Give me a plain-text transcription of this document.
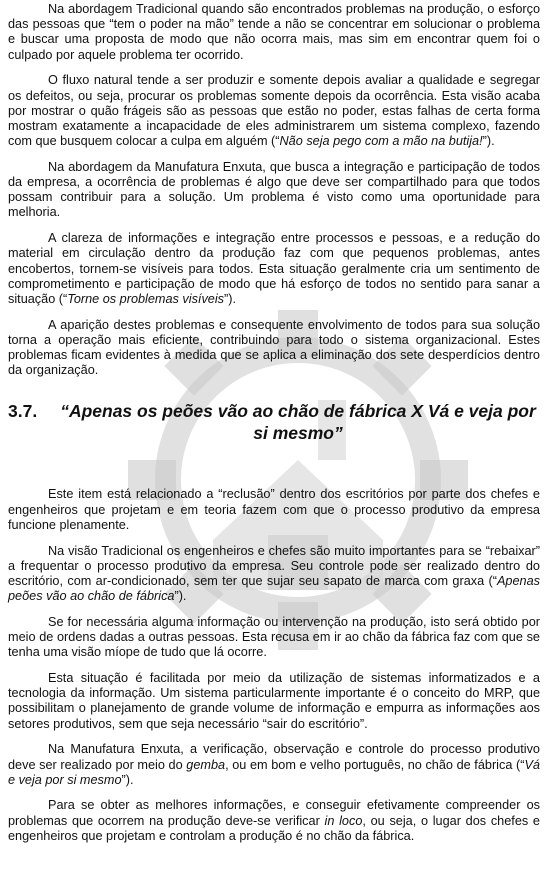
Na abordagem Tradicional quando são encontrados problemas na produção, o esforço das pessoas que “tem o poder na mão” tende a não se concentrar em solucionar o problema e buscar uma proposta de modo que não ocorra mais, mas sim em encontrar quem foi o culpado por aquele problema ter ocorrido.

O fluxo natural tende a ser produzir e somente depois avaliar a qualidade e segregar os defeitos, ou seja, procurar os problemas somente depois da ocorrência. Esta visão acaba por mostrar o quão frágeis são as pessoas que estão no poder, estas falhas de certa forma mostram exatamente a incapacidade de eles administrarem um sistema complexo, fazendo com que busquem colocar a culpa em alguém (“Não seja pego com a mão na butija!”).

Na abordagem da Manufatura Enxuta, que busca a integração e participação de todos da empresa, a ocorrência de problemas é algo que deve ser compartilhado para que todos possam contribuir para a solução. Um problema é visto como uma oportunidade para melhoria.

A clareza de informações e integração entre processos e pessoas, e a redução do material em circulação dentro da produção faz com que pequenos problemas, antes encobertos, tornem-se visíveis para todos. Esta situação geralmente cria um sentimento de comprometimento e participação de modo que há esforço de todos no sentido para sanar a situação (“Torne os problemas visíveis”).

A aparição destes problemas e consequente envolvimento de todos para sua solução torna a operação mais eficiente, contribuindo para todo o sistema organizacional. Estes problemas ficam evidentes à medida que se aplica a eliminação dos sete desperdícios dentro da organização.

3.7.	“Apenas os peões vão ao chão de fábrica X Vá e veja por si mesmo”

Este item está relacionado a “reclusão” dentro dos escritórios por parte dos chefes e engenheiros que projetam e em teoria fazem com que o processo produtivo da empresa funcione plenamente.

Na visão Tradicional os engenheiros e chefes são muito importantes para se “rebaixar” a frequentar o processo produtivo da empresa. Seu controle pode ser realizado dentro do escritório, com ar-condicionado, sem ter que sujar seu sapato de marca com graxa (“Apenas peões vão ao chão de fábrica”).

Se for necessária alguma informação ou intervenção na produção, isto será obtido por meio de ordens dadas a outras pessoas. Esta recusa em ir ao chão da fábrica faz com que se tenha uma visão míope de tudo que lá ocorre.

Esta situação é facilitada por meio da utilização de sistemas informatizados e a tecnologia da informação. Um sistema particularmente importante é o conceito do MRP, que possibilitam o planejamento de grande volume de informação e empurra as informações aos setores produtivos, sem que seja necessário “sair do escritório”.

Na Manufatura Enxuta, a verificação, observação e controle do processo produtivo deve ser realizado por meio do gemba, ou em bom e velho português, no chão de fábrica (“Vá e veja por si mesmo”).

Para se obter as melhores informações, e conseguir efetivamente compreender os problemas que ocorrem na produção deve-se verificar in loco, ou seja, o lugar dos chefes e engenheiros que projetam e controlam a produção é no chão da fábrica.
